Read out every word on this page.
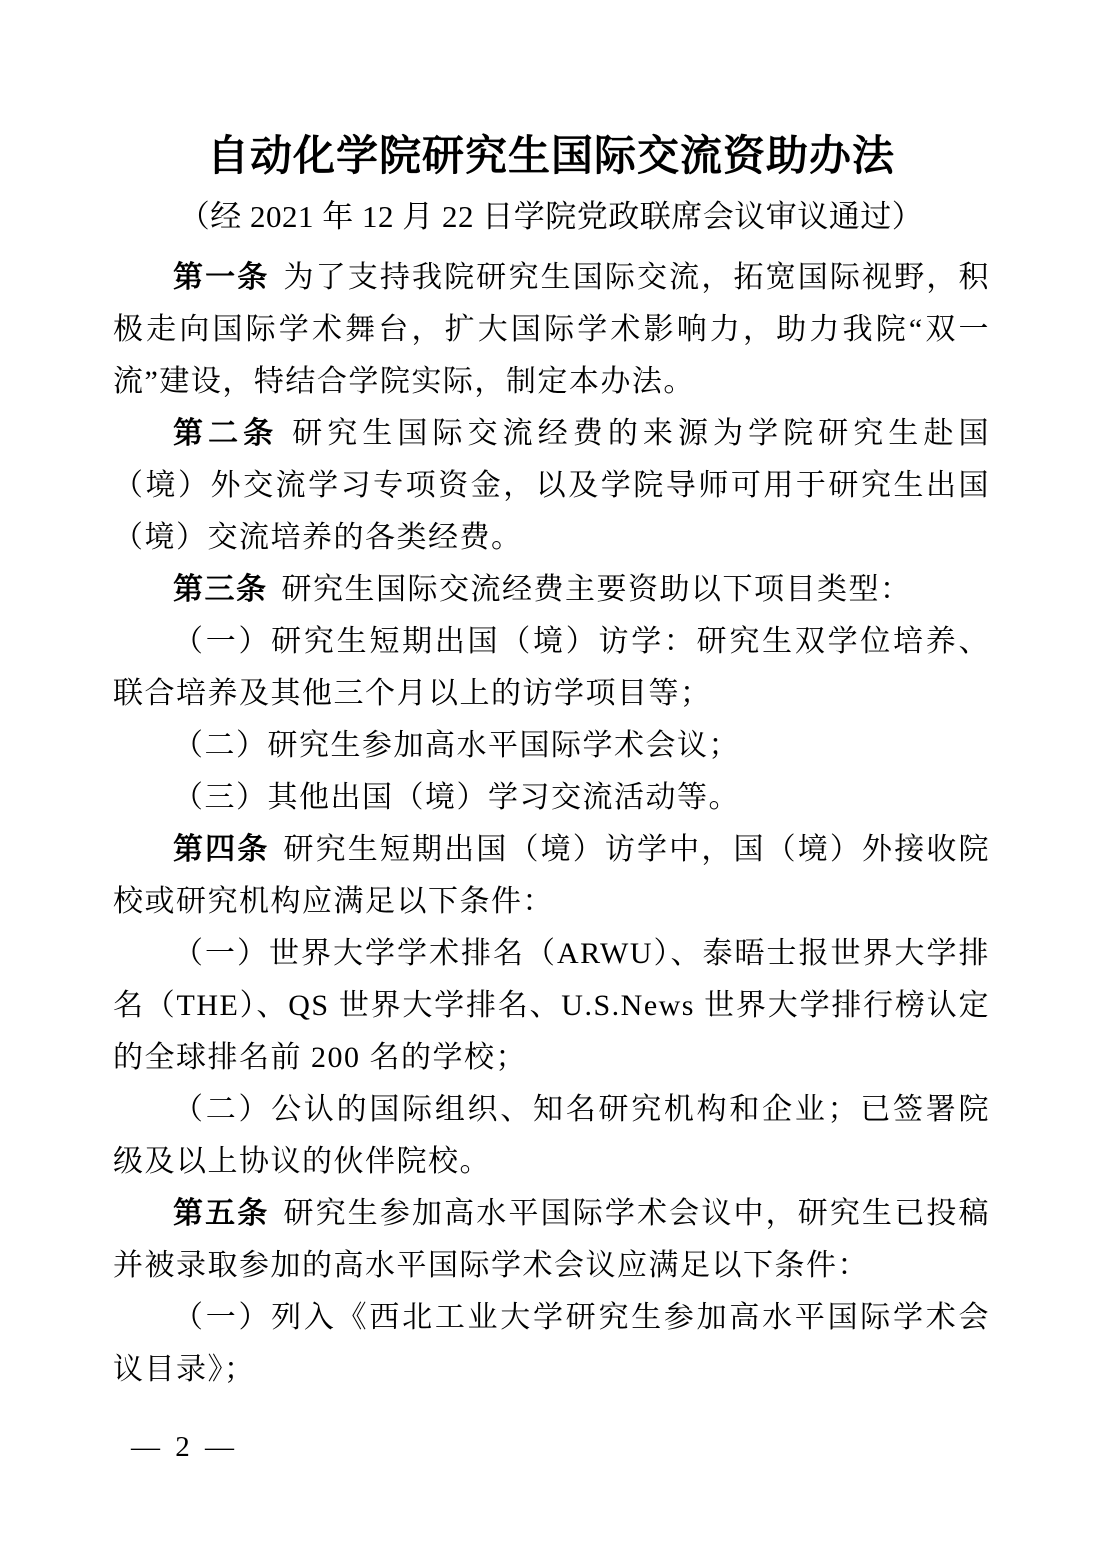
自动化学院研究生国际交流资助办法
（经 2021 年 12 月 22 日学院党政联席会议审议通过）

第一条 为了支持我院研究生国际交流，拓宽国际视野，积极走向国际学术舞台，扩大国际学术影响力，助力我院“双一流”建设，特结合学院实际，制定本办法。

第二条 研究生国际交流经费的来源为学院研究生赴国（境）外交流学习专项资金，以及学院导师可用于研究生出国（境）交流培养的各类经费。

第三条 研究生国际交流经费主要资助以下项目类型：

（一）研究生短期出国（境）访学：研究生双学位培养、联合培养及其他三个月以上的访学项目等；

（二）研究生参加高水平国际学术会议；

（三）其他出国（境）学习交流活动等。

第四条 研究生短期出国（境）访学中，国（境）外接收院校或研究机构应满足以下条件：

（一）世界大学学术排名（ARWU）、泰晤士报世界大学排名（THE）、QS 世界大学排名、U.S.News 世界大学排行榜认定的全球排名前 200 名的学校；

（二）公认的国际组织、知名研究机构和企业；已签署院级及以上协议的伙伴院校。

第五条 研究生参加高水平国际学术会议中，研究生已投稿并被录取参加的高水平国际学术会议应满足以下条件：

（一）列入《西北工业大学研究生参加高水平国际学术会议目录》；

— 2 —
